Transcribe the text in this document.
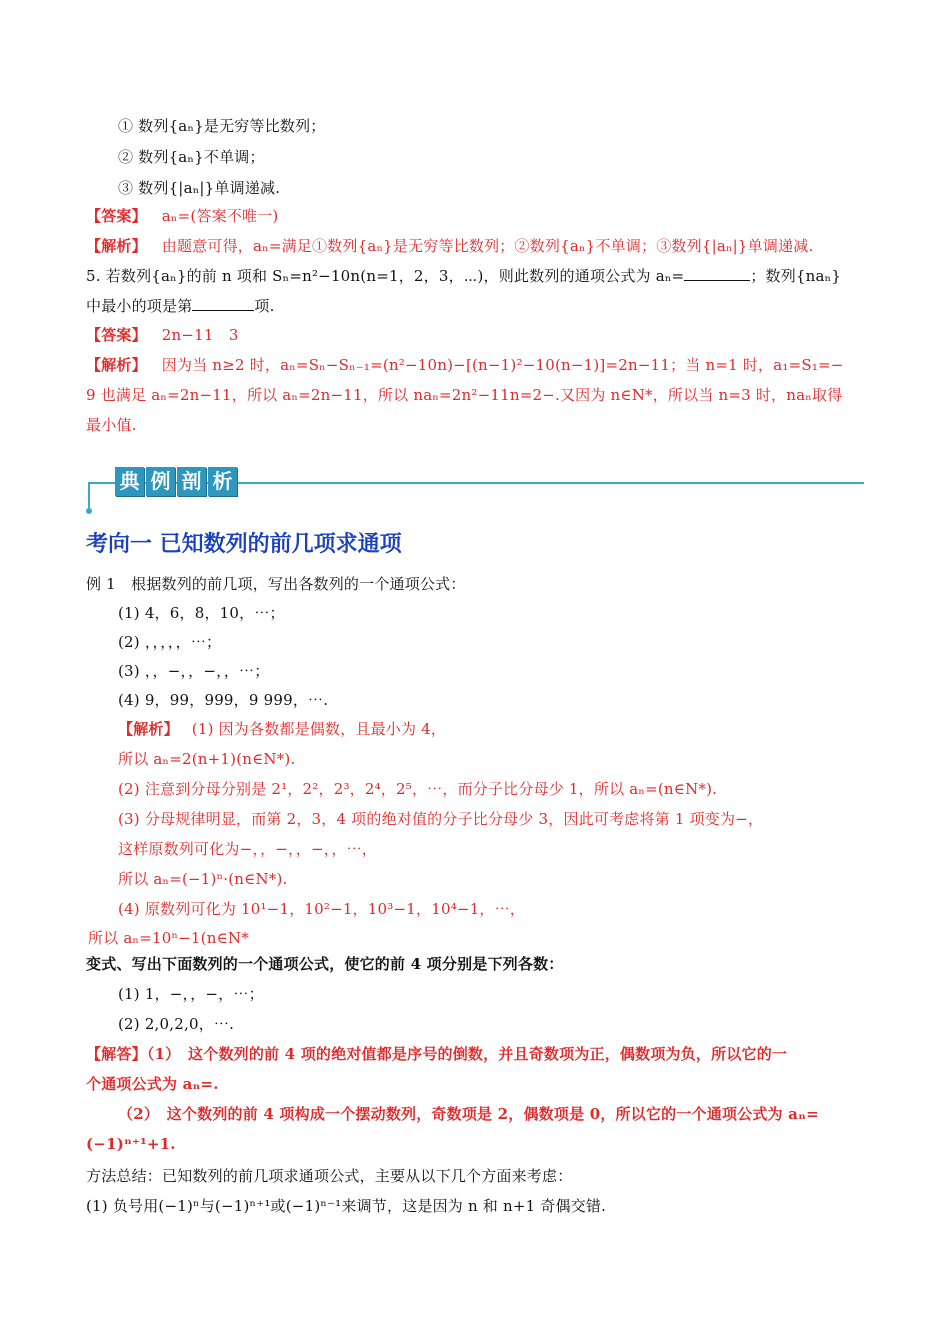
① 数列{aₙ}是无穷等比数列；
② 数列{aₙ}不单调；
③ 数列{|aₙ|}单调递减.
【答案】 aₙ=(答案不唯一)
【解析】 由题意可得，aₙ=满足①数列{aₙ}是无穷等比数列；②数列{aₙ}不单调；③数列{|aₙ|}单调递减.
5. 若数列{aₙ}的前 n 项和 Sₙ=n²−10n(n=1，2，3，⋯)，则此数列的通项公式为 aₙ=	；数列{naₙ}
中最小的项是第	项.
【答案】 2n−11　3
【解析】 因为当 n≥2 时，aₙ=Sₙ−Sₙ₋₁=(n²−10n)−[(n−1)²−10(n−1)]=2n−11；当 n=1 时，a₁=S₁=−
9 也满足 aₙ=2n−11，所以 aₙ=2n−11，所以 naₙ=2n²−11n=2−.又因为 n∈N*，所以当 n=3 时，naₙ取得
最小值.
典 例 剖 析
考向一 已知数列的前几项求通项
例 1　根据数列的前几项，写出各数列的一个通项公式：
(1) 4，6，8，10，⋯；
(2) ，，，，，⋯；
(3) ，，−，，−，，⋯；
(4) 9，99，999，9 999，⋯.
【解析】 (1) 因为各数都是偶数，且最小为 4，
所以 aₙ=2(n+1)(n∈N*).
(2) 注意到分母分别是 2¹，2²，2³，2⁴，2⁵，⋯，而分子比分母少 1，所以 aₙ=(n∈N*).
(3) 分母规律明显，而第 2，3，4 项的绝对值的分子比分母少 3，因此可考虑将第 1 项变为−，
这样原数列可化为−，，−，，−，，⋯，
所以 aₙ=(−1)ⁿ·(n∈N*).
(4) 原数列可化为 10¹−1，10²−1，10³−1，10⁴−1，⋯，
所以 aₙ=10ⁿ−1(n∈N*
变式、写出下面数列的一个通项公式，使它的前 4 项分别是下列各数：
(1) 1，−，，−，⋯；
(2) 2,0,2,0，⋯.
【解答】（1）　这个数列的前 4 项的绝对值都是序号的倒数，并且奇数项为正，偶数项为负，所以它的一
个通项公式为 aₙ=.
（2）　这个数列的前 4 项构成一个摆动数列，奇数项是 2，偶数项是 0，所以它的一个通项公式为 aₙ=
(−1)ⁿ⁺¹+1.
方法总结：已知数列的前几项求通项公式，主要从以下几个方面来考虑：
(1) 负号用(−1)ⁿ与(−1)ⁿ⁺¹或(−1)ⁿ⁻¹来调节，这是因为 n 和 n+1 奇偶交错.
